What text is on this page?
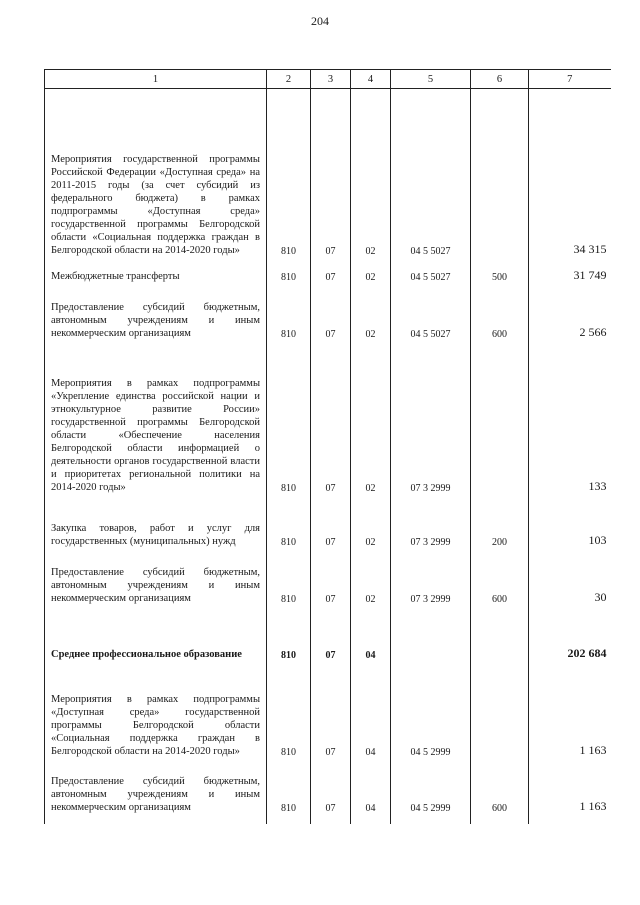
204
1	2	3	4	5	6	7
Мероприятия государственной программы Российской Федерации «Доступная среда» на 2011-2015 годы (за счет субсидий из федерального бюджета) в рамках подпрограммы «Доступная среда» государственной программы Белгородской области «Социальная поддержка граждан в Белгородской области на 2014-2020 годы»	810	07	02	04 5 5027		34 315
Межбюджетные трансферты	810	07	02	04 5 5027	500	31 749
Предоставление субсидий бюджетным, автономным учреждениям и иным некоммерческим организациям	810	07	02	04 5 5027	600	2 566
Мероприятия в рамках подпрограммы «Укрепление единства российской нации и этнокультурное развитие России» государственной программы Белгородской области «Обеспечение населения Белгородской области информацией о деятельности органов государственной власти и приоритетах региональной политики на 2014-2020 годы»	810	07	02	07 3 2999		133
Закупка товаров, работ и услуг для государственных (муниципальных) нужд	810	07	02	07 3 2999	200	103
Предоставление субсидий бюджетным, автономным учреждениям и иным некоммерческим организациям	810	07	02	07 3 2999	600	30
Среднее профессиональное образование	810	07	04			202 684
Мероприятия в рамках подпрограммы «Доступная среда» государственной программы Белгородской области «Социальная поддержка граждан в Белгородской области на 2014-2020 годы»	810	07	04	04 5 2999		1 163
Предоставление субсидий бюджетным, автономным учреждениям и иным некоммерческим организациям	810	07	04	04 5 2999	600	1 163
